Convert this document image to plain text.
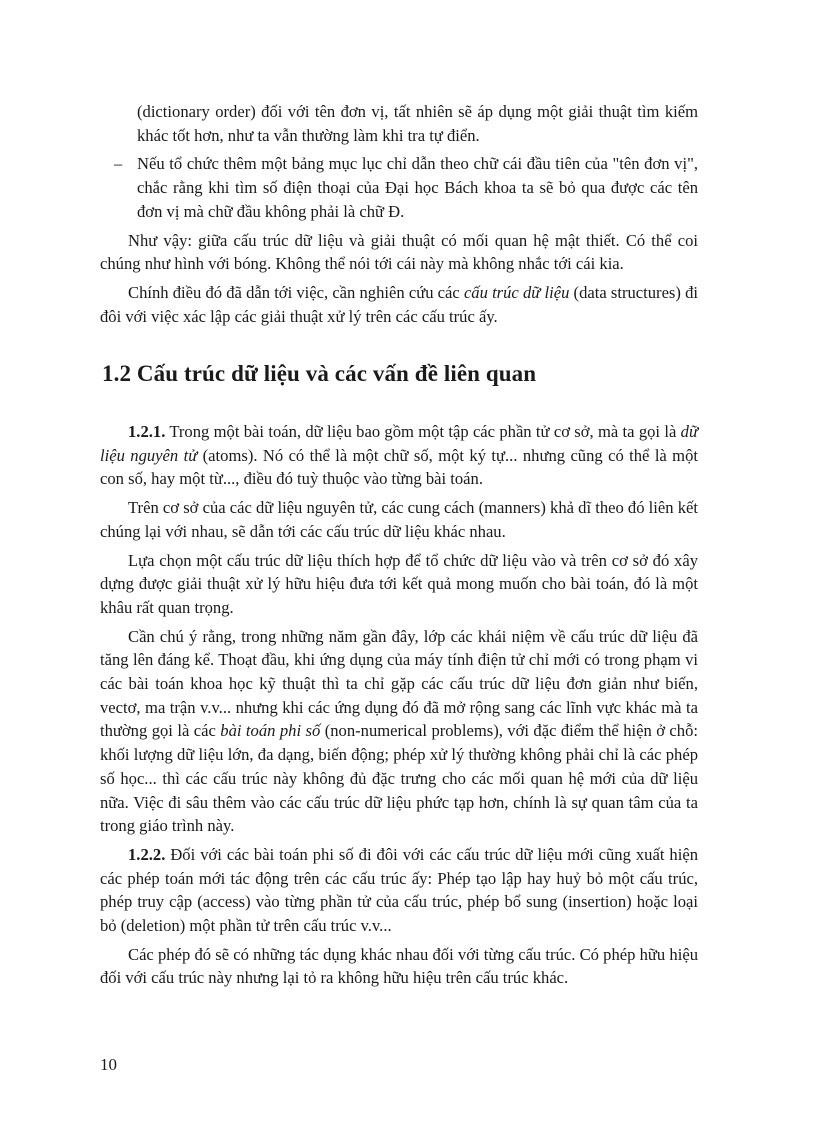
(dictionary order) đối với tên đơn vị, tất nhiên sẽ áp dụng một giải thuật tìm kiếm khác tốt hơn, như ta vẫn thường làm khi tra tự điển.

– Nếu tổ chức thêm một bảng mục lục chỉ dẫn theo chữ cái đầu tiên của "tên đơn vị", chắc rằng khi tìm số điện thoại của Đại học Bách khoa ta sẽ bỏ qua được các tên đơn vị mà chữ đầu không phải là chữ Đ.

Như vậy: giữa cấu trúc dữ liệu và giải thuật có mối quan hệ mật thiết. Có thể coi chúng như hình với bóng. Không thể nói tới cái này mà không nhắc tới cái kia.

Chính điều đó đã dẫn tới việc, cần nghiên cứu các cấu trúc dữ liệu (data structures) đi đôi với việc xác lập các giải thuật xử lý trên các cấu trúc ấy.

1.2 Cấu trúc dữ liệu và các vấn đề liên quan

1.2.1. Trong một bài toán, dữ liệu bao gồm một tập các phần tử cơ sở, mà ta gọi là dữ liệu nguyên tử (atoms). Nó có thể là một chữ số, một ký tự... nhưng cũng có thể là một con số, hay một từ..., điều đó tuỳ thuộc vào từng bài toán.

Trên cơ sở của các dữ liệu nguyên tử, các cung cách (manners) khả dĩ theo đó liên kết chúng lại với nhau, sẽ dẫn tới các cấu trúc dữ liệu khác nhau.

Lựa chọn một cấu trúc dữ liệu thích hợp để tổ chức dữ liệu vào và trên cơ sở đó xây dựng được giải thuật xử lý hữu hiệu đưa tới kết quả mong muốn cho bài toán, đó là một khâu rất quan trọng.

Cần chú ý rằng, trong những năm gần đây, lớp các khái niệm về cấu trúc dữ liệu đã tăng lên đáng kể. Thoạt đầu, khi ứng dụng của máy tính điện tử chỉ mới có trong phạm vi các bài toán khoa học kỹ thuật thì ta chỉ gặp các cấu trúc dữ liệu đơn giản như biến, vectơ, ma trận v.v... nhưng khi các ứng dụng đó đã mở rộng sang các lĩnh vực khác mà ta thường gọi là các bài toán phi số (non-numerical problems), với đặc điểm thể hiện ở chỗ: khối lượng dữ liệu lớn, đa dạng, biến động; phép xử lý thường không phải chỉ là các phép số học... thì các cấu trúc này không đủ đặc trưng cho các mối quan hệ mới của dữ liệu nữa. Việc đi sâu thêm vào các cấu trúc dữ liệu phức tạp hơn, chính là sự quan tâm của ta trong giáo trình này.

1.2.2. Đối với các bài toán phi số đi đôi với các cấu trúc dữ liệu mới cũng xuất hiện các phép toán mới tác động trên các cấu trúc ấy: Phép tạo lập hay huỷ bỏ một cấu trúc, phép truy cập (access) vào từng phần tử của cấu trúc, phép bổ sung (insertion) hoặc loại bỏ (deletion) một phần tử trên cấu trúc v.v...

Các phép đó sẽ có những tác dụng khác nhau đối với từng cấu trúc. Có phép hữu hiệu đối với cấu trúc này nhưng lại tỏ ra không hữu hiệu trên cấu trúc khác.

10
